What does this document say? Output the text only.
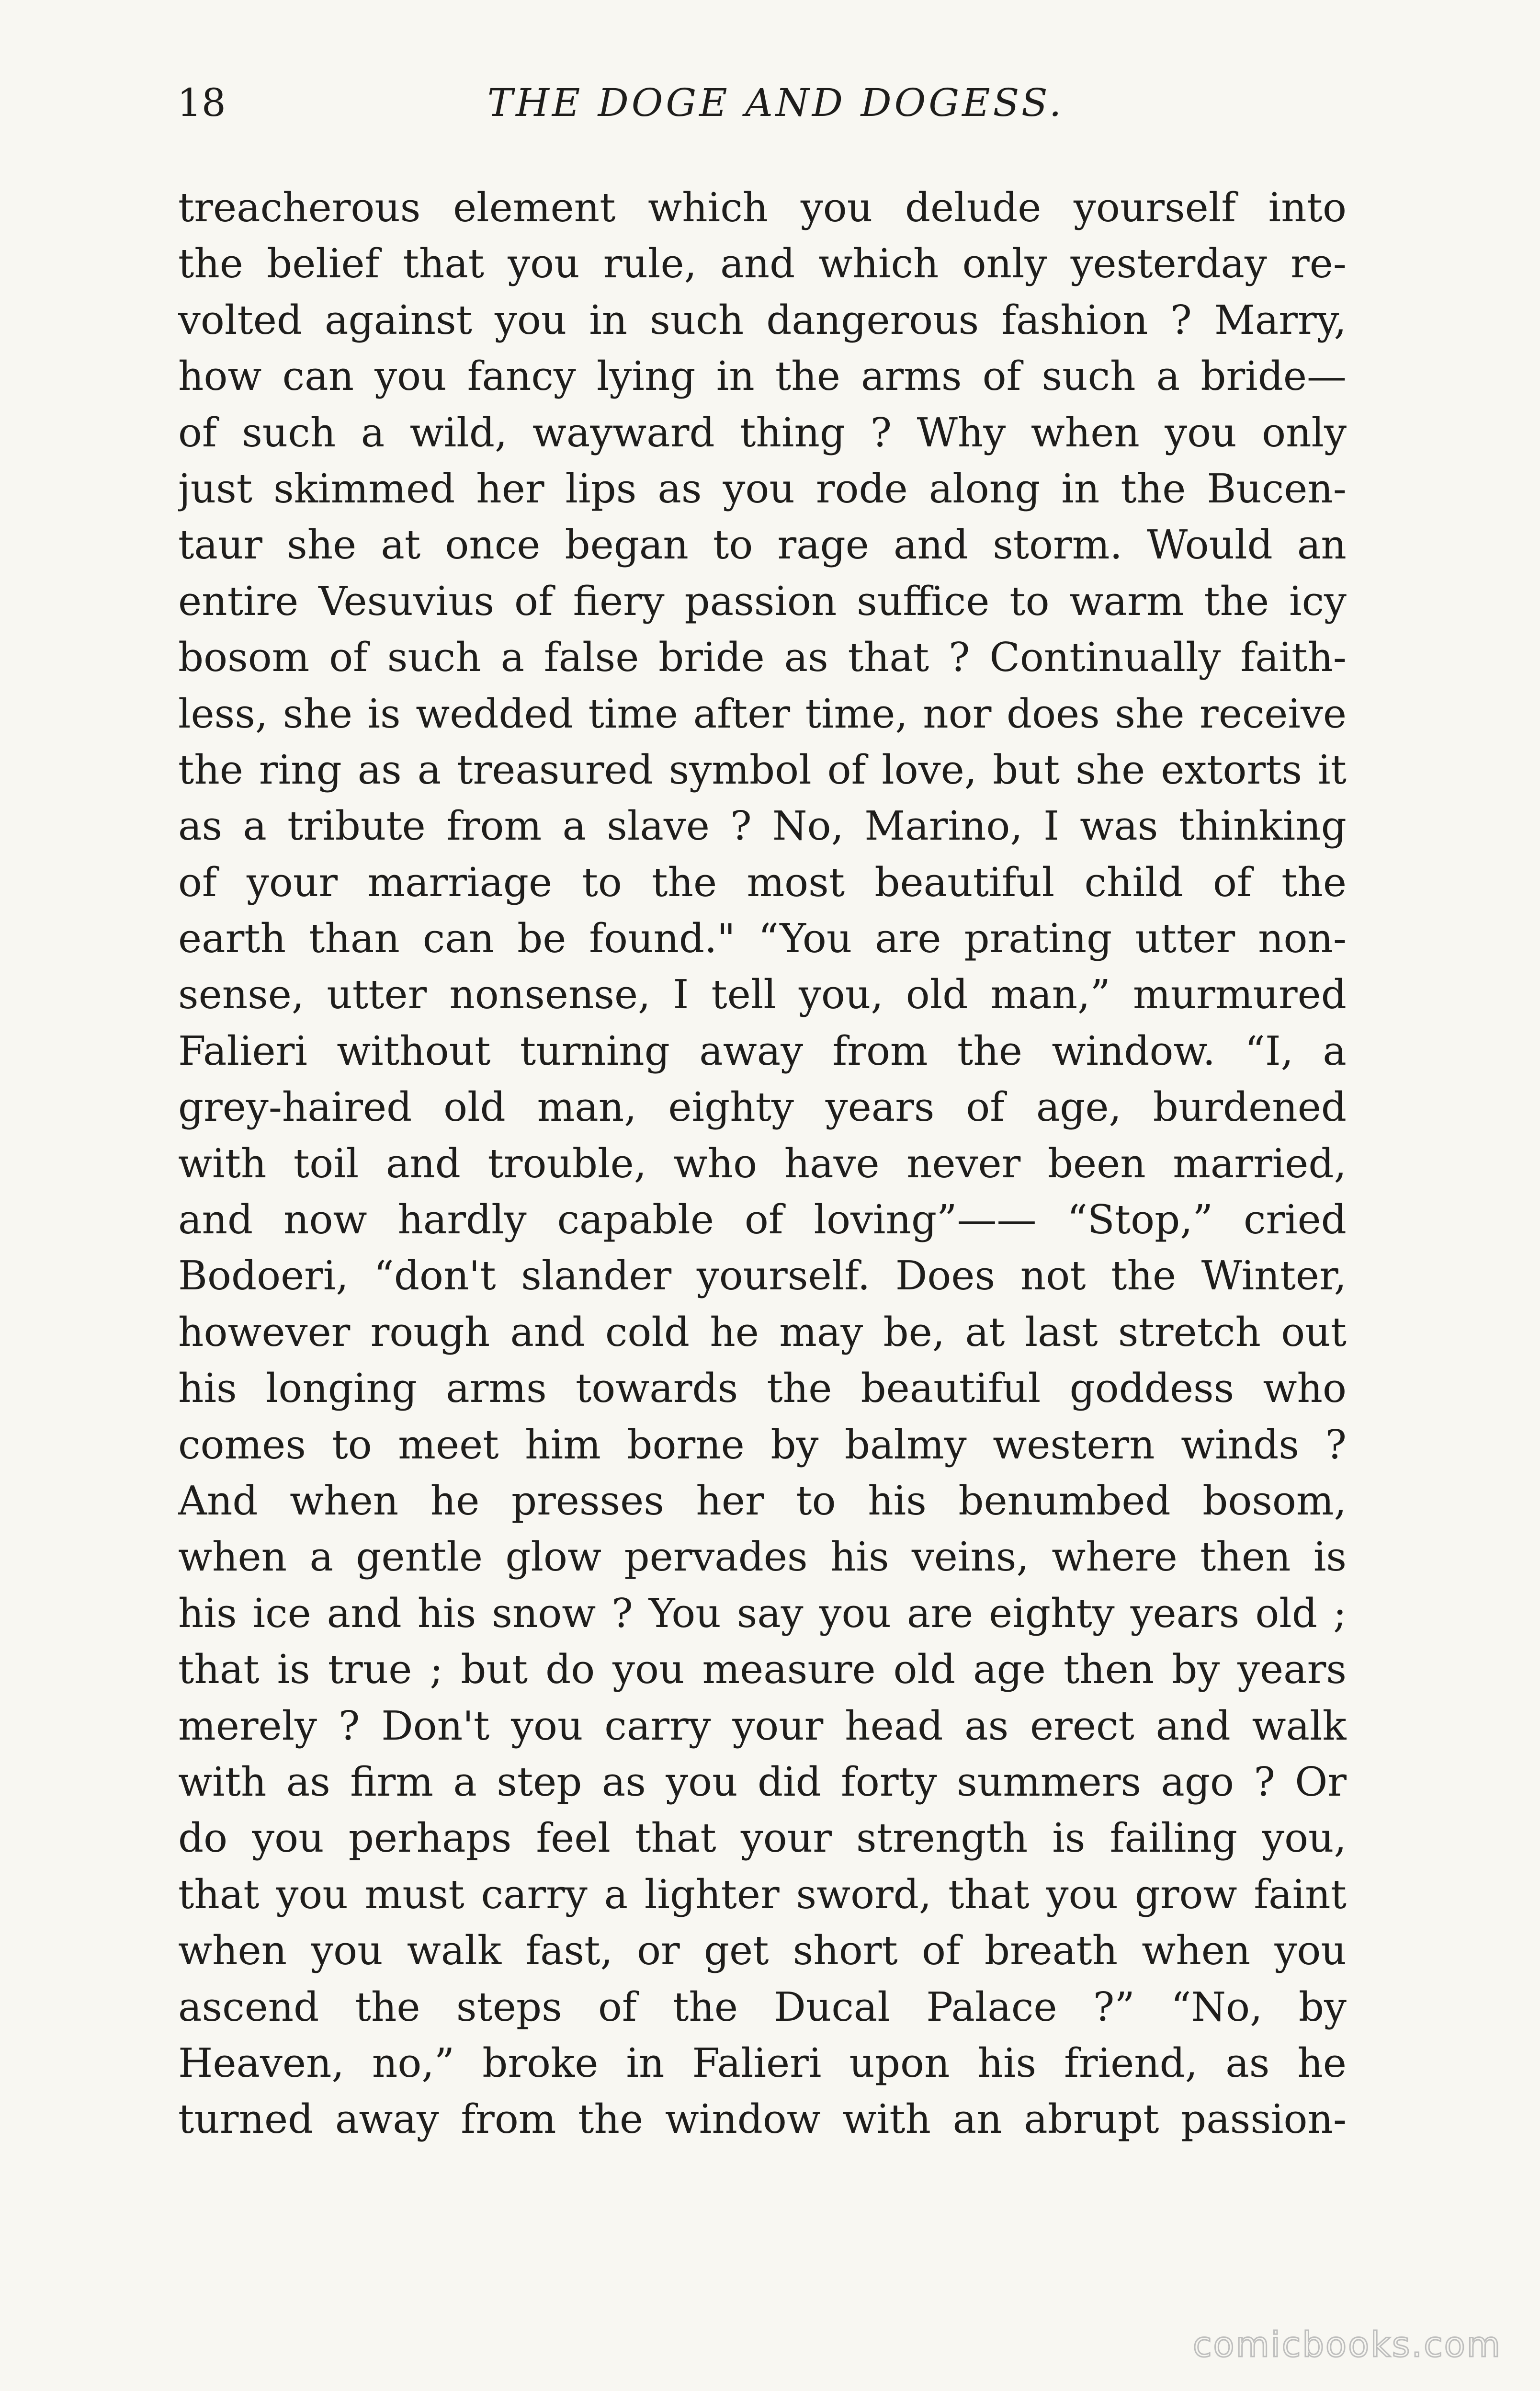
18	THE DOGE AND DOGESS.
treacherous element which you delude yourself into
the belief that you rule, and which only yesterday re-
volted against you in such dangerous fashion ? Marry,
how can you fancy lying in the arms of such a bride—
of such a wild, wayward thing ? Why when you only
just skimmed her lips as you rode along in the Bucen-
taur she at once began to rage and storm. Would an
entire Vesuvius of fiery passion suffice to warm the icy
bosom of such a false bride as that ? Continually faith-
less, she is wedded time after time, nor does she receive
the ring as a treasured symbol of love, but she extorts it
as a tribute from a slave ? No, Marino, I was thinking
of your marriage to the most beautiful child of the
earth than can be found." “You are prating utter non-
sense, utter nonsense, I tell you, old man,” murmured
Falieri without turning away from the window. “I, a
grey-haired old man, eighty years of age, burdened
with toil and trouble, who have never been married,
and now hardly capable of loving”—— “Stop,” cried
Bodoeri, “don't slander yourself. Does not the Winter,
however rough and cold he may be, at last stretch out
his longing arms towards the beautiful goddess who
comes to meet him borne by balmy western winds ?
And when he presses her to his benumbed bosom,
when a gentle glow pervades his veins, where then is
his ice and his snow ? You say you are eighty years old ;
that is true ; but do you measure old age then by years
merely ? Don't you carry your head as erect and walk
with as firm a step as you did forty summers ago ? Or
do you perhaps feel that your strength is failing you,
that you must carry a lighter sword, that you grow faint
when you walk fast, or get short of breath when you
ascend the steps of the Ducal Palace ?” “No, by
Heaven, no,” broke in Falieri upon his friend, as he
turned away from the window with an abrupt passion-
comicbooks.com
